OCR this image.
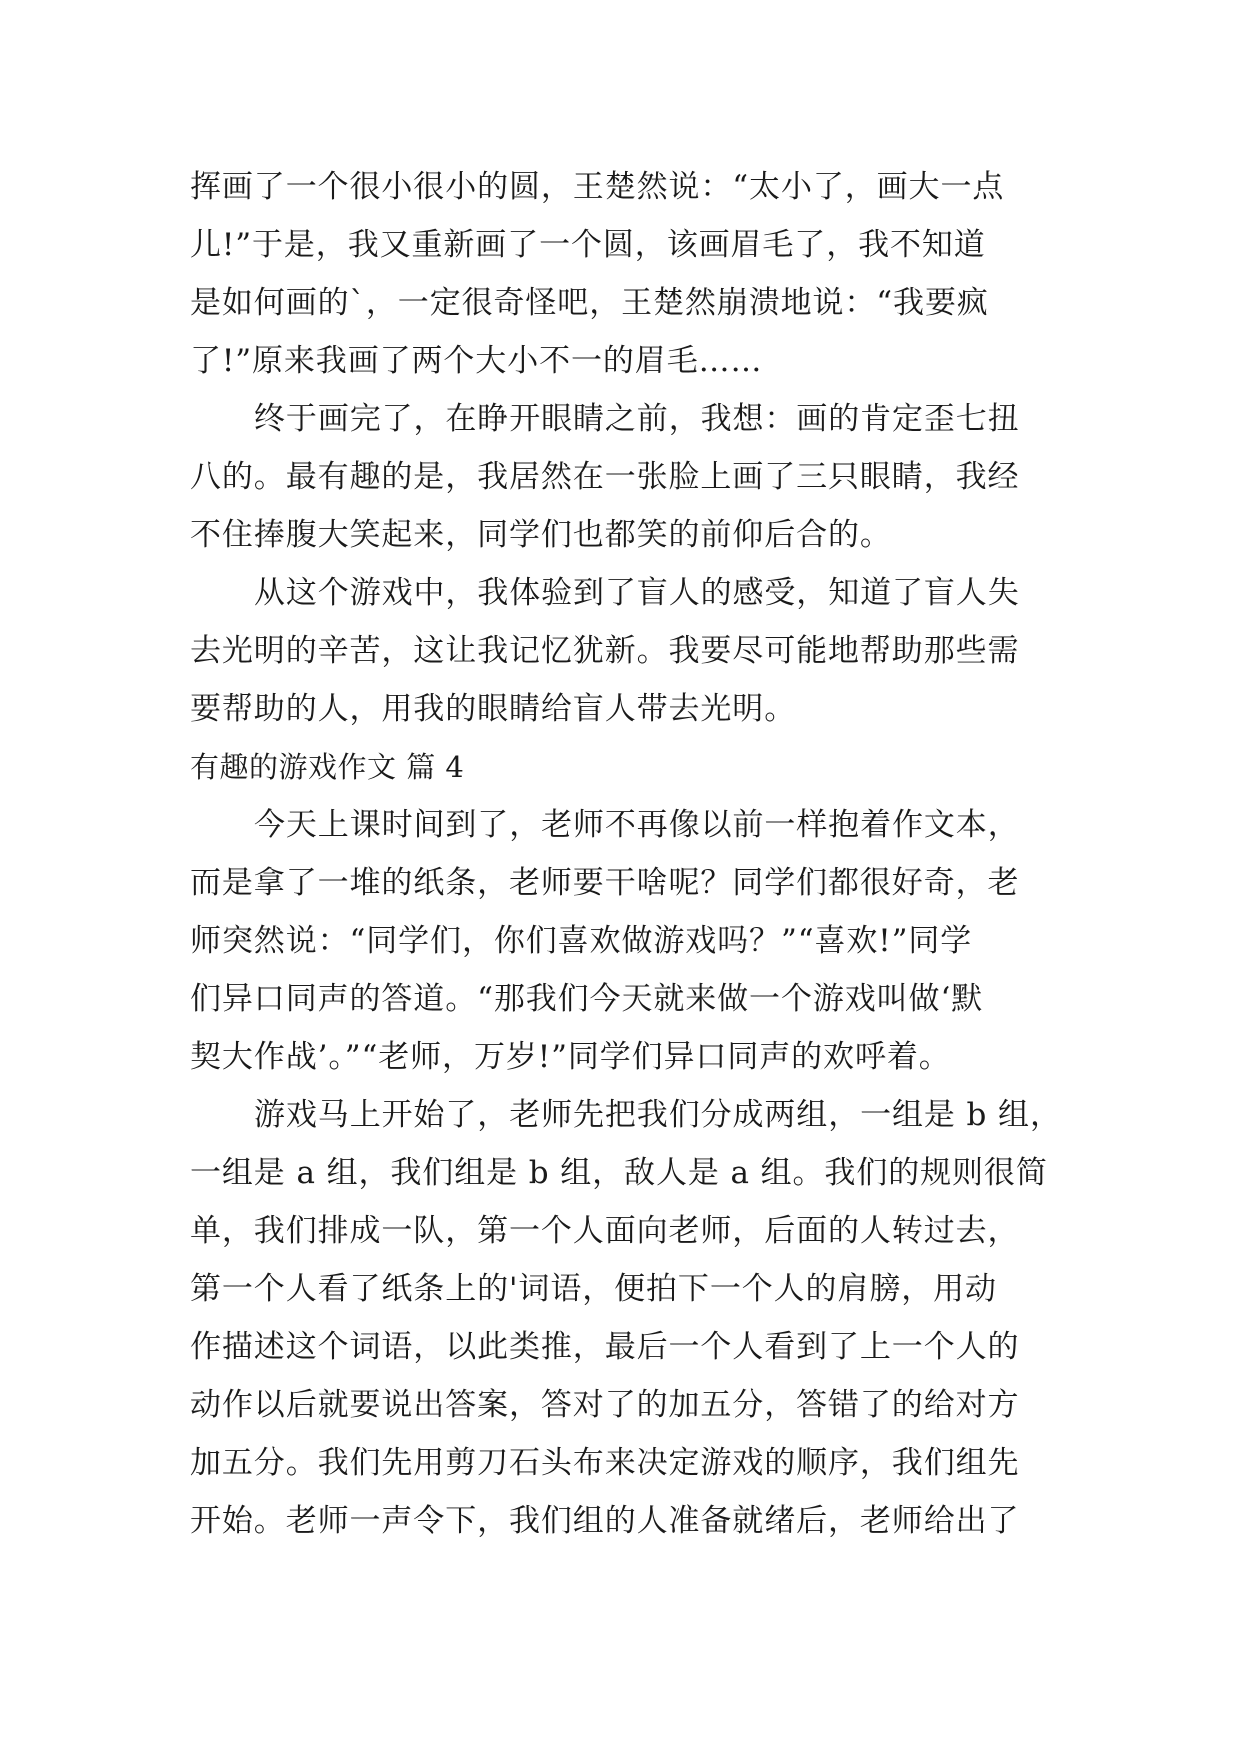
挥画了一个很小很小的圆，王楚然说：“太小了，画大一点
儿!”于是，我又重新画了一个圆，该画眉毛了，我不知道
是如何画的`，一定很奇怪吧，王楚然崩溃地说：“我要疯
了!”原来我画了两个大小不一的眉毛……
终于画完了，在睁开眼睛之前，我想：画的肯定歪七扭
八的。最有趣的是，我居然在一张脸上画了三只眼睛，我经
不住捧腹大笑起来，同学们也都笑的前仰后合的。
从这个游戏中，我体验到了盲人的感受，知道了盲人失
去光明的辛苦，这让我记忆犹新。我要尽可能地帮助那些需
要帮助的人，用我的眼睛给盲人带去光明。
有趣的游戏作文 篇 4
今天上课时间到了，老师不再像以前一样抱着作文本，
而是拿了一堆的纸条，老师要干啥呢？同学们都很好奇，老
师突然说：“同学们，你们喜欢做游戏吗？”“喜欢!”同学
们异口同声的答道。“那我们今天就来做一个游戏叫做‘默
契大作战’。”“老师，万岁!”同学们异口同声的欢呼着。
游戏马上开始了，老师先把我们分成两组，一组是 b 组，
一组是 a 组，我们组是 b 组，敌人是 a 组。我们的规则很简
单，我们排成一队，第一个人面向老师，后面的人转过去，
第一个人看了纸条上的'词语，便拍下一个人的肩膀，用动
作描述这个词语，以此类推，最后一个人看到了上一个人的
动作以后就要说出答案，答对了的加五分，答错了的给对方
加五分。我们先用剪刀石头布来决定游戏的顺序，我们组先
开始。老师一声令下，我们组的人准备就绪后，老师给出了
